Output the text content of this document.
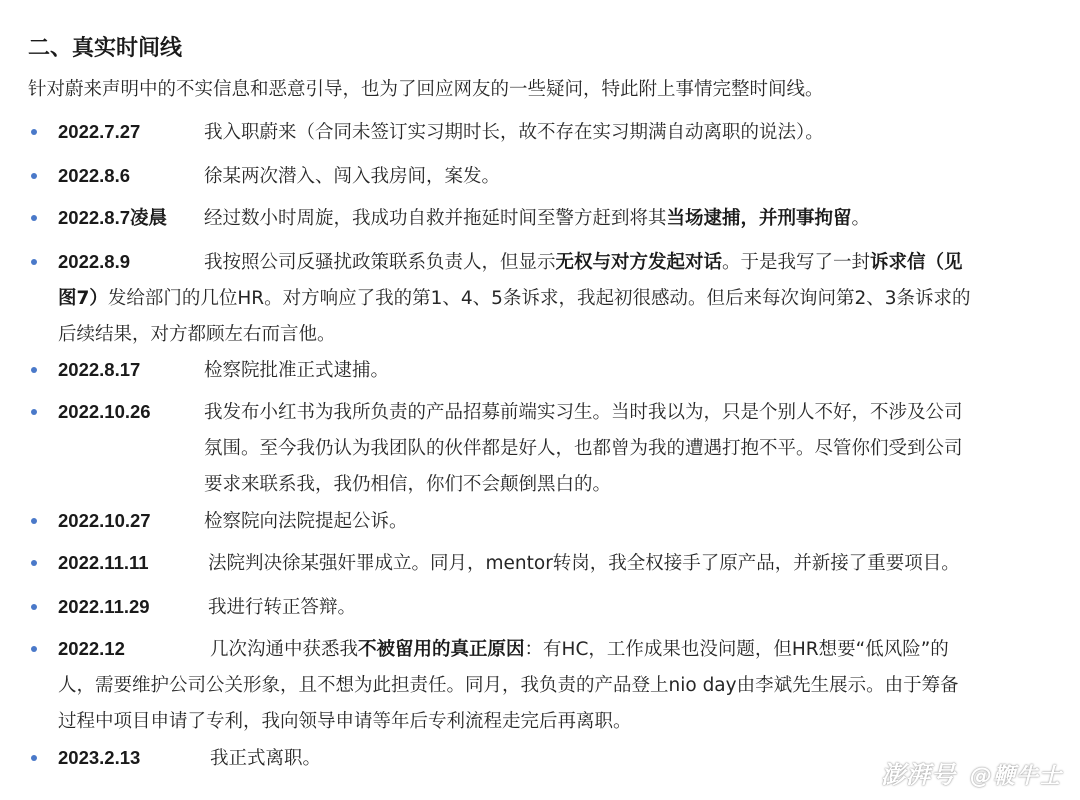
二、真实时间线
针对蔚来声明中的不实信息和恶意引导，也为了回应网友的一些疑问，特此附上事情完整时间线。
2022.7.27	我入职蔚来（合同未签订实习期时长，故不存在实习期满自动离职的说法）。
2022.8.6	徐某两次潜入、闯入我房间，案发。
2022.8.7凌晨 经过数小时周旋，我成功自救并拖延时间至警方赶到将其当场逮捕，并刑事拘留。
2022.8.9	我按照公司反骚扰政策联系负责人，但显示无权与对方发起对话。于是我写了一封诉求信（见
图7）发给部门的几位HR。对方响应了我的第1、4、5条诉求，我起初很感动。但后来每次询问第2、3条诉求的
后续结果，对方都顾左右而言他。
2022.8.17	检察院批准正式逮捕。
2022.10.26	我发布小红书为我所负责的产品招募前端实习生。当时我以为，只是个别人不好，不涉及公司
氛围。至今我仍认为我团队的伙伴都是好人，也都曾为我的遭遇打抱不平。尽管你们受到公司
要求来联系我，我仍相信，你们不会颠倒黑白的。
2022.10.27	检察院向法院提起公诉。
2022.11.11	法院判决徐某强奸罪成立。同月，mentor转岗，我全权接手了原产品，并新接了重要项目。
2022.11.29	我进行转正答辩。
2022.12	几次沟通中获悉我不被留用的真正原因：有HC，工作成果也没问题，但HR想要“低风险”的
人，需要维护公司公关形象，且不想为此担责任。同月，我负责的产品登上nio day由李斌先生展示。由于筹备
过程中项目申请了专利，我向领导申请等年后专利流程走完后再离职。
2023.2.13	我正式离职。
澎湃号 @鞭牛士
